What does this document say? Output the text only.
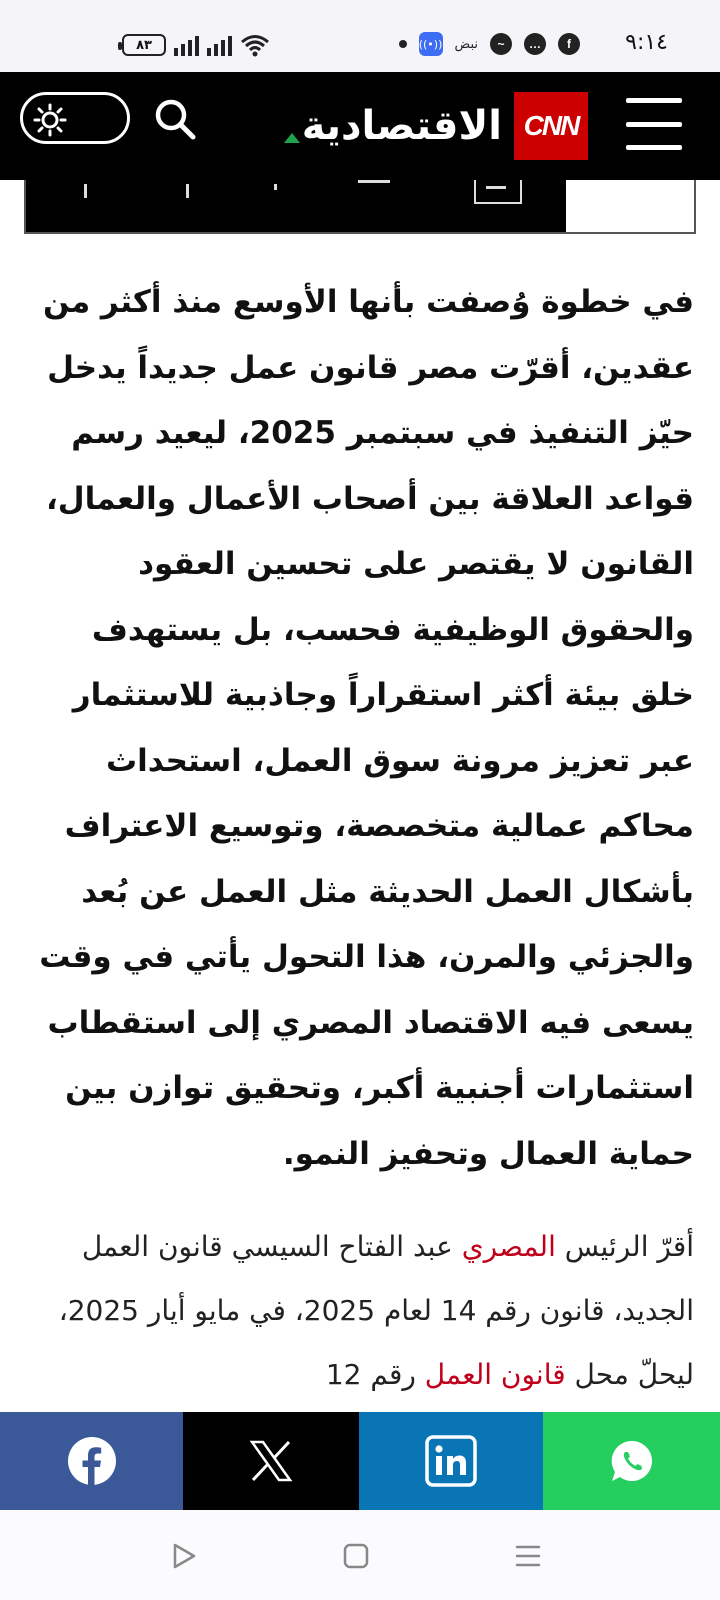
٨٣	((•)) نبض	~	…	f	٩:١٤
الاقتصادية CNN

في خطوة وُصفت بأنها الأوسع منذ أكثر من عقدين، أقرّت مصر قانون عمل جديداً يدخل حيّز التنفيذ في سبتمبر 2025، ليعيد رسم قواعد العلاقة بين أصحاب الأعمال والعمال، القانون لا يقتصر على تحسين العقود والحقوق الوظيفية فحسب، بل يستهدف خلق بيئة أكثر استقراراً وجاذبية للاستثمار عبر تعزيز مرونة سوق العمل، استحداث محاكم عمالية متخصصة، وتوسيع الاعتراف بأشكال العمل الحديثة مثل العمل عن بُعد والجزئي والمرن، هذا التحول يأتي في وقت يسعى فيه الاقتصاد المصري إلى استقطاب استثمارات أجنبية أكبر، وتحقيق توازن بين حماية العمال وتحفيز النمو.

أقرّ الرئيس المصري عبد الفتاح السيسي قانون العمل الجديد، قانون رقم 14 لعام 2025، في مايو أيار 2025، ليحلّ محل قانون العمل رقم 12
